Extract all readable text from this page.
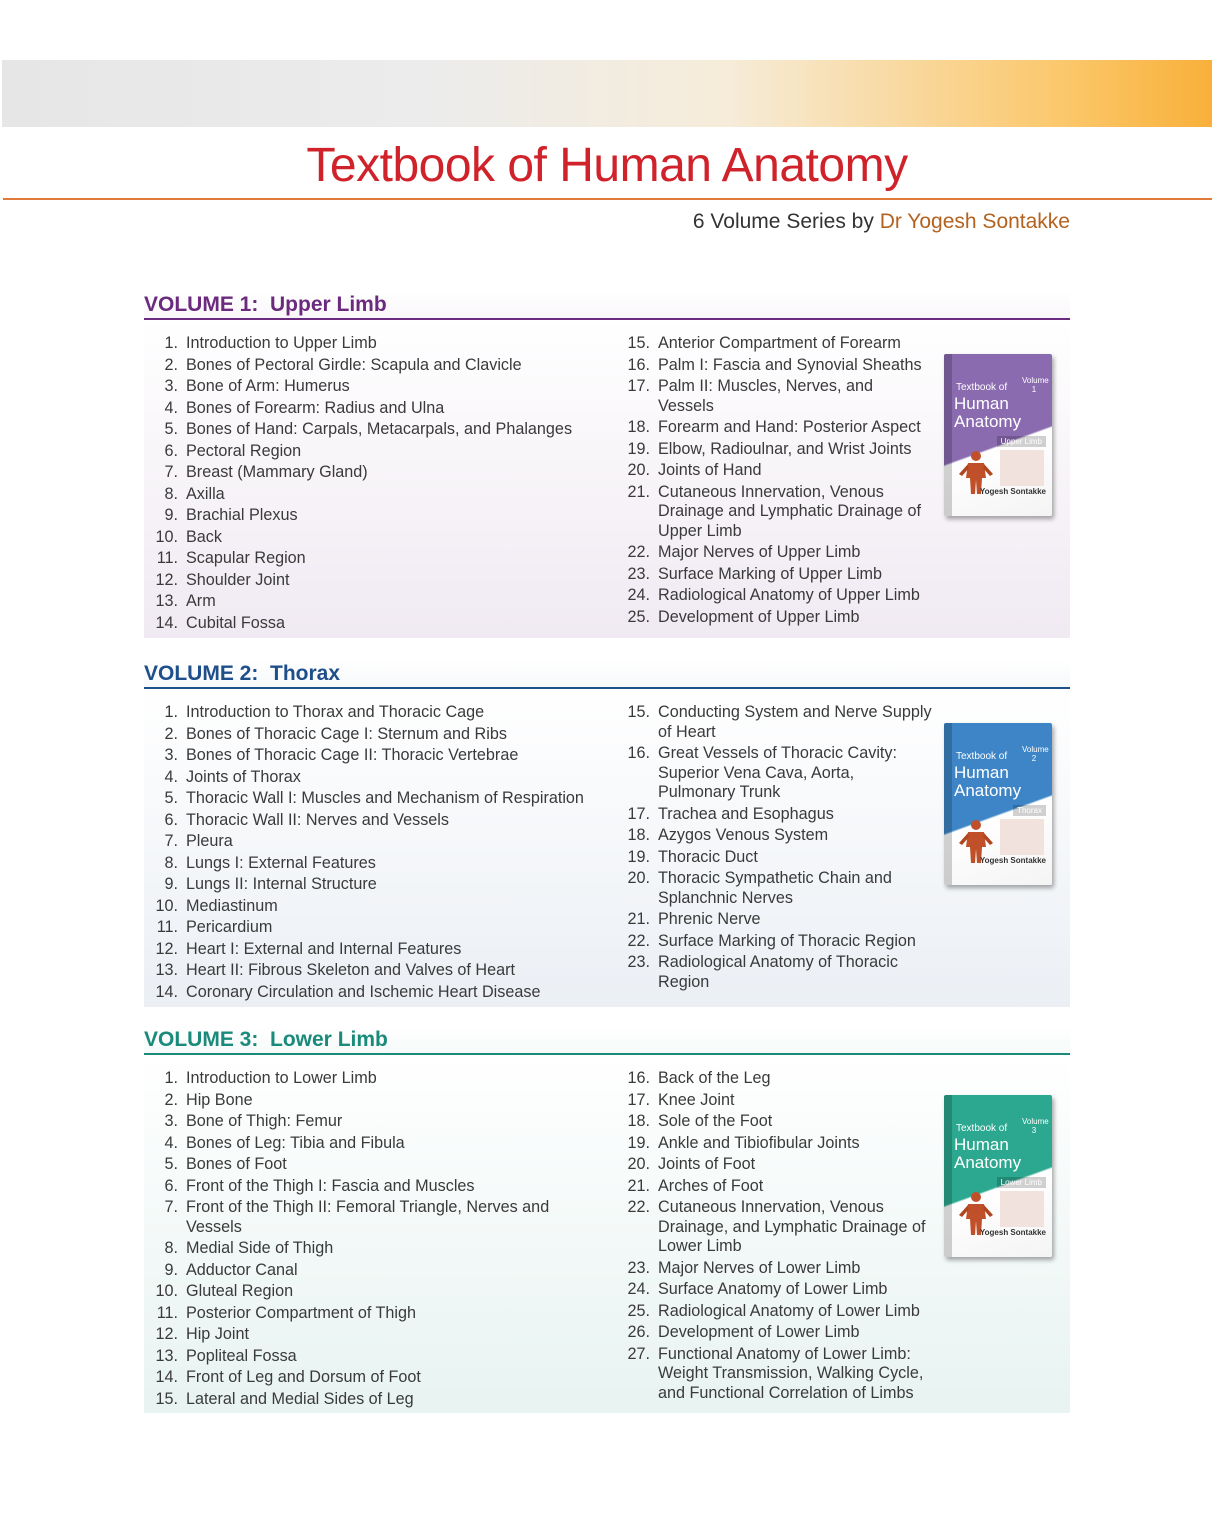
Textbook of Human Anatomy
6 Volume Series by Dr Yogesh Sontakke
VOLUME 1: Upper Limb
1. Introduction to Upper Limb
2. Bones of Pectoral Girdle: Scapula and Clavicle
3. Bone of Arm: Humerus
4. Bones of Forearm: Radius and Ulna
5. Bones of Hand: Carpals, Metacarpals, and Phalanges
6. Pectoral Region
7. Breast (Mammary Gland)
8. Axilla
9. Brachial Plexus
10. Back
11. Scapular Region
12. Shoulder Joint
13. Arm
14. Cubital Fossa
15. Anterior Compartment of Forearm
16. Palm I: Fascia and Synovial Sheaths
17. Palm II: Muscles, Nerves, and Vessels
18. Forearm and Hand: Posterior Aspect
19. Elbow, Radioulnar, and Wrist Joints
20. Joints of Hand
21. Cutaneous Innervation, Venous Drainage and Lymphatic Drainage of Upper Limb
22. Major Nerves of Upper Limb
23. Surface Marking of Upper Limb
24. Radiological Anatomy of Upper Limb
25. Development of Upper Limb
Textbook of
Human
Anatomy
Volume 1
Upper Limb
Yogesh Sontakke
VOLUME 2: Thorax
1. Introduction to Thorax and Thoracic Cage
2. Bones of Thoracic Cage I: Sternum and Ribs
3. Bones of Thoracic Cage II: Thoracic Vertebrae
4. Joints of Thorax
5. Thoracic Wall I: Muscles and Mechanism of Respiration
6. Thoracic Wall II: Nerves and Vessels
7. Pleura
8. Lungs I: External Features
9. Lungs II: Internal Structure
10. Mediastinum
11. Pericardium
12. Heart I: External and Internal Features
13. Heart II: Fibrous Skeleton and Valves of Heart
14. Coronary Circulation and Ischemic Heart Disease
15. Conducting System and Nerve Supply of Heart
16. Great Vessels of Thoracic Cavity: Superior Vena Cava, Aorta, Pulmonary Trunk
17. Trachea and Esophagus
18. Azygos Venous System
19. Thoracic Duct
20. Thoracic Sympathetic Chain and Splanchnic Nerves
21. Phrenic Nerve
22. Surface Marking of Thoracic Region
23. Radiological Anatomy of Thoracic Region
Textbook of
Human
Anatomy
Volume 2
Thorax
Yogesh Sontakke
VOLUME 3: Lower Limb
1. Introduction to Lower Limb
2. Hip Bone
3. Bone of Thigh: Femur
4. Bones of Leg: Tibia and Fibula
5. Bones of Foot
6. Front of the Thigh I: Fascia and Muscles
7. Front of the Thigh II: Femoral Triangle, Nerves and Vessels
8. Medial Side of Thigh
9. Adductor Canal
10. Gluteal Region
11. Posterior Compartment of Thigh
12. Hip Joint
13. Popliteal Fossa
14. Front of Leg and Dorsum of Foot
15. Lateral and Medial Sides of Leg
16. Back of the Leg
17. Knee Joint
18. Sole of the Foot
19. Ankle and Tibiofibular Joints
20. Joints of Foot
21. Arches of Foot
22. Cutaneous Innervation, Venous Drainage, and Lymphatic Drainage of Lower Limb
23. Major Nerves of Lower Limb
24. Surface Anatomy of Lower Limb
25. Radiological Anatomy of Lower Limb
26. Development of Lower Limb
27. Functional Anatomy of Lower Limb: Weight Transmission, Walking Cycle, and Functional Correlation of Limbs
Textbook of
Human
Anatomy
Volume 3
Lower Limb
Yogesh Sontakke
